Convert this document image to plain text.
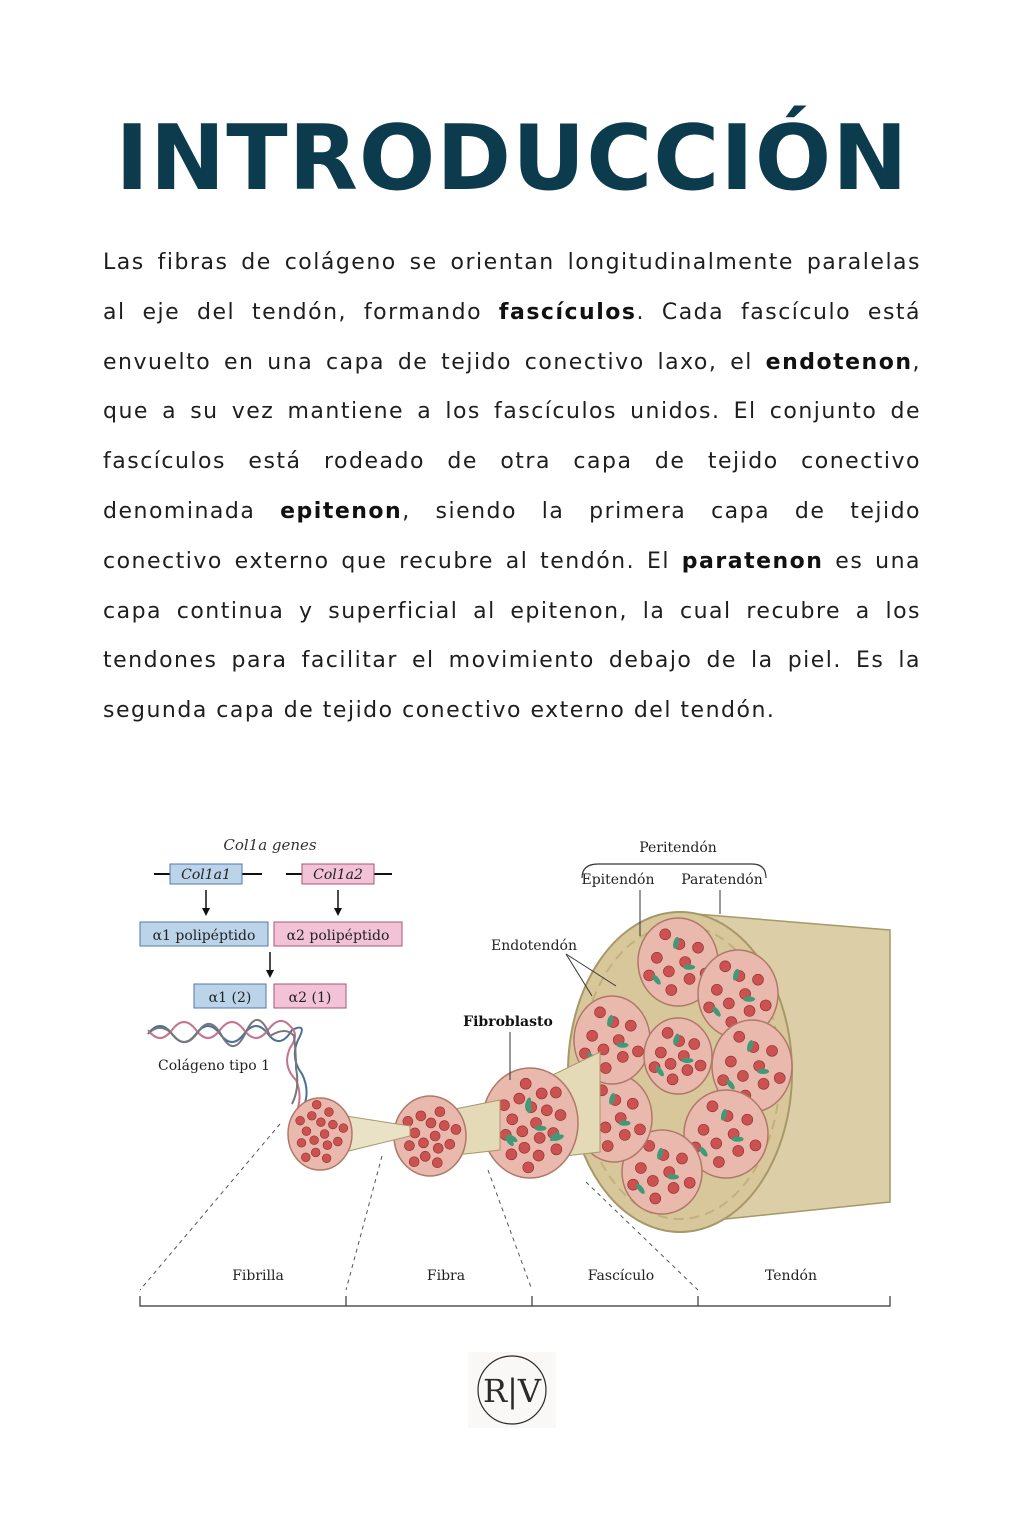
INTRODUCCIÓN

Las fibras de colágeno se orientan longitudinalmente paralelas al eje del tendón, formando fascículos. Cada fascículo está envuelto en una capa de tejido conectivo laxo, el endotenon, que a su vez mantiene a los fascículos unidos. El conjunto de fascículos está rodeado de otra capa de tejido conectivo denominada epitenon, siendo la primera capa de tejido conectivo externo que recubre al tendón. El paratenon es una capa continua y superficial al epitenon, la cual recubre a los tendones para facilitar el movimiento debajo de la piel. Es la segunda capa de tejido conectivo externo del tendón.

Col1a genes
Col1a1	Col1a2
α1 polipéptido α2 polipéptido
α1 (2)	α2 (1)
Colágeno tipo 1
Peritendón
Epitendón Paratendón
Endotendón
Fibroblasto
Fibrilla	Fibra	Fascículo	Tendón
R|V
